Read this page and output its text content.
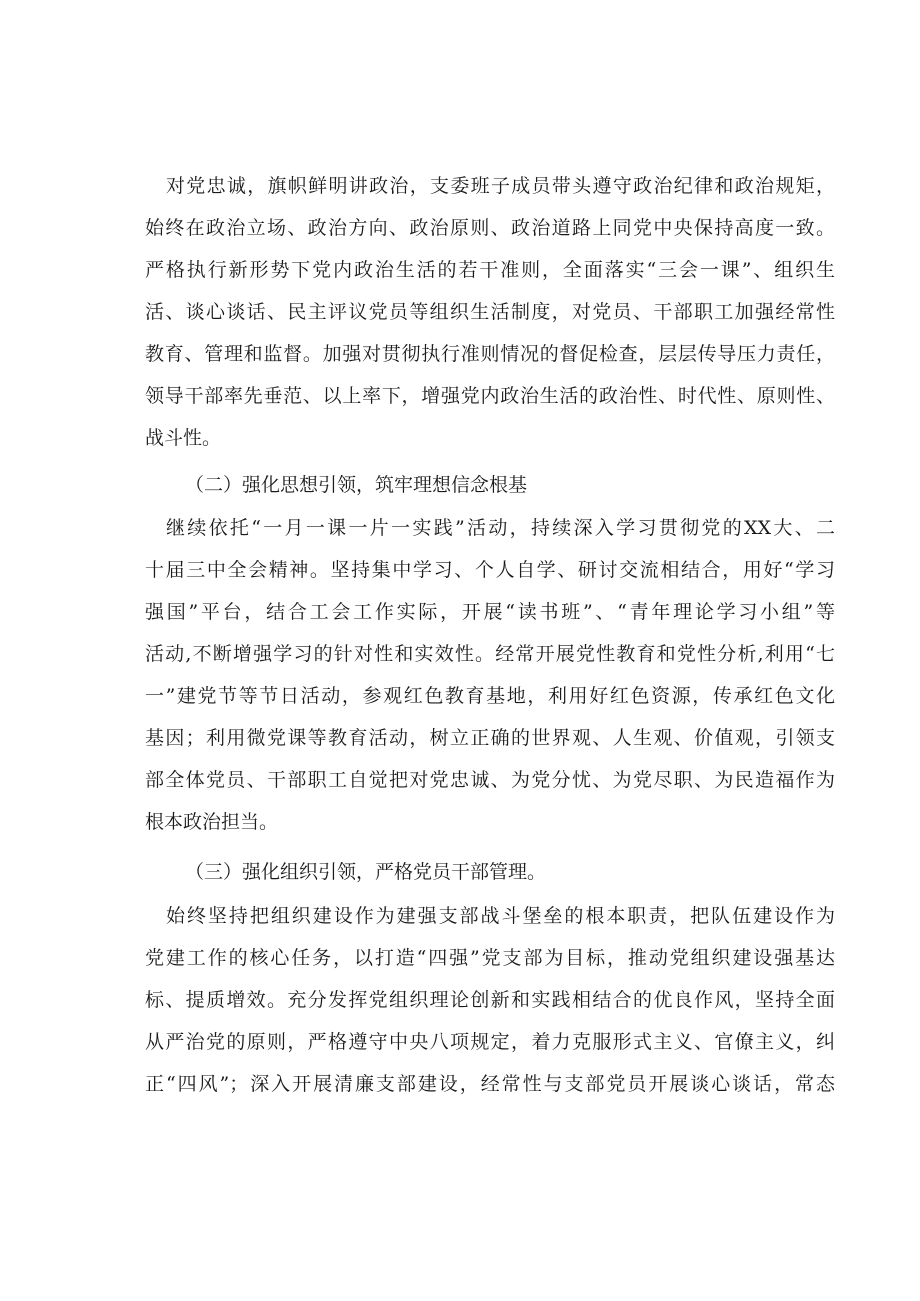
对党忠诚，旗帜鲜明讲政治，支委班子成员带头遵守政治纪律和政治规矩，
始终在政治立场、政治方向、政治原则、政治道路上同党中央保持高度一致。
严格执行新形势下党内政治生活的若干准则，全面落实“三会一课”、组织生
活、谈心谈话、民主评议党员等组织生活制度，对党员、干部职工加强经常性
教育、管理和监督。加强对贯彻执行准则情况的督促检查，层层传导压力责任，
领导干部率先垂范、以上率下，增强党内政治生活的政治性、时代性、原则性、
战斗性。
（二）强化思想引领，筑牢理想信念根基
继续依托“一月一课一片一实践”活动，持续深入学习贯彻党的XX大、二
十届三中全会精神。坚持集中学习、个人自学、研讨交流相结合，用好“学习
强国”平台，结合工会工作实际，开展“读书班”、“青年理论学习小组”等
活动,不断增强学习的针对性和实效性。经常开展党性教育和党性分析,利用“七
一”建党节等节日活动，参观红色教育基地，利用好红色资源，传承红色文化
基因；利用微党课等教育活动，树立正确的世界观、人生观、价值观，引领支
部全体党员、干部职工自觉把对党忠诚、为党分忧、为党尽职、为民造福作为
根本政治担当。
（三）强化组织引领，严格党员干部管理。
始终坚持把组织建设作为建强支部战斗堡垒的根本职责，把队伍建设作为
党建工作的核心任务，以打造“四强”党支部为目标，推动党组织建设强基达
标、提质增效。充分发挥党组织理论创新和实践相结合的优良作风，坚持全面
从严治党的原则，严格遵守中央八项规定，着力克服形式主义、官僚主义，纠
正“四风”；深入开展清廉支部建设，经常性与支部党员开展谈心谈话，常态
